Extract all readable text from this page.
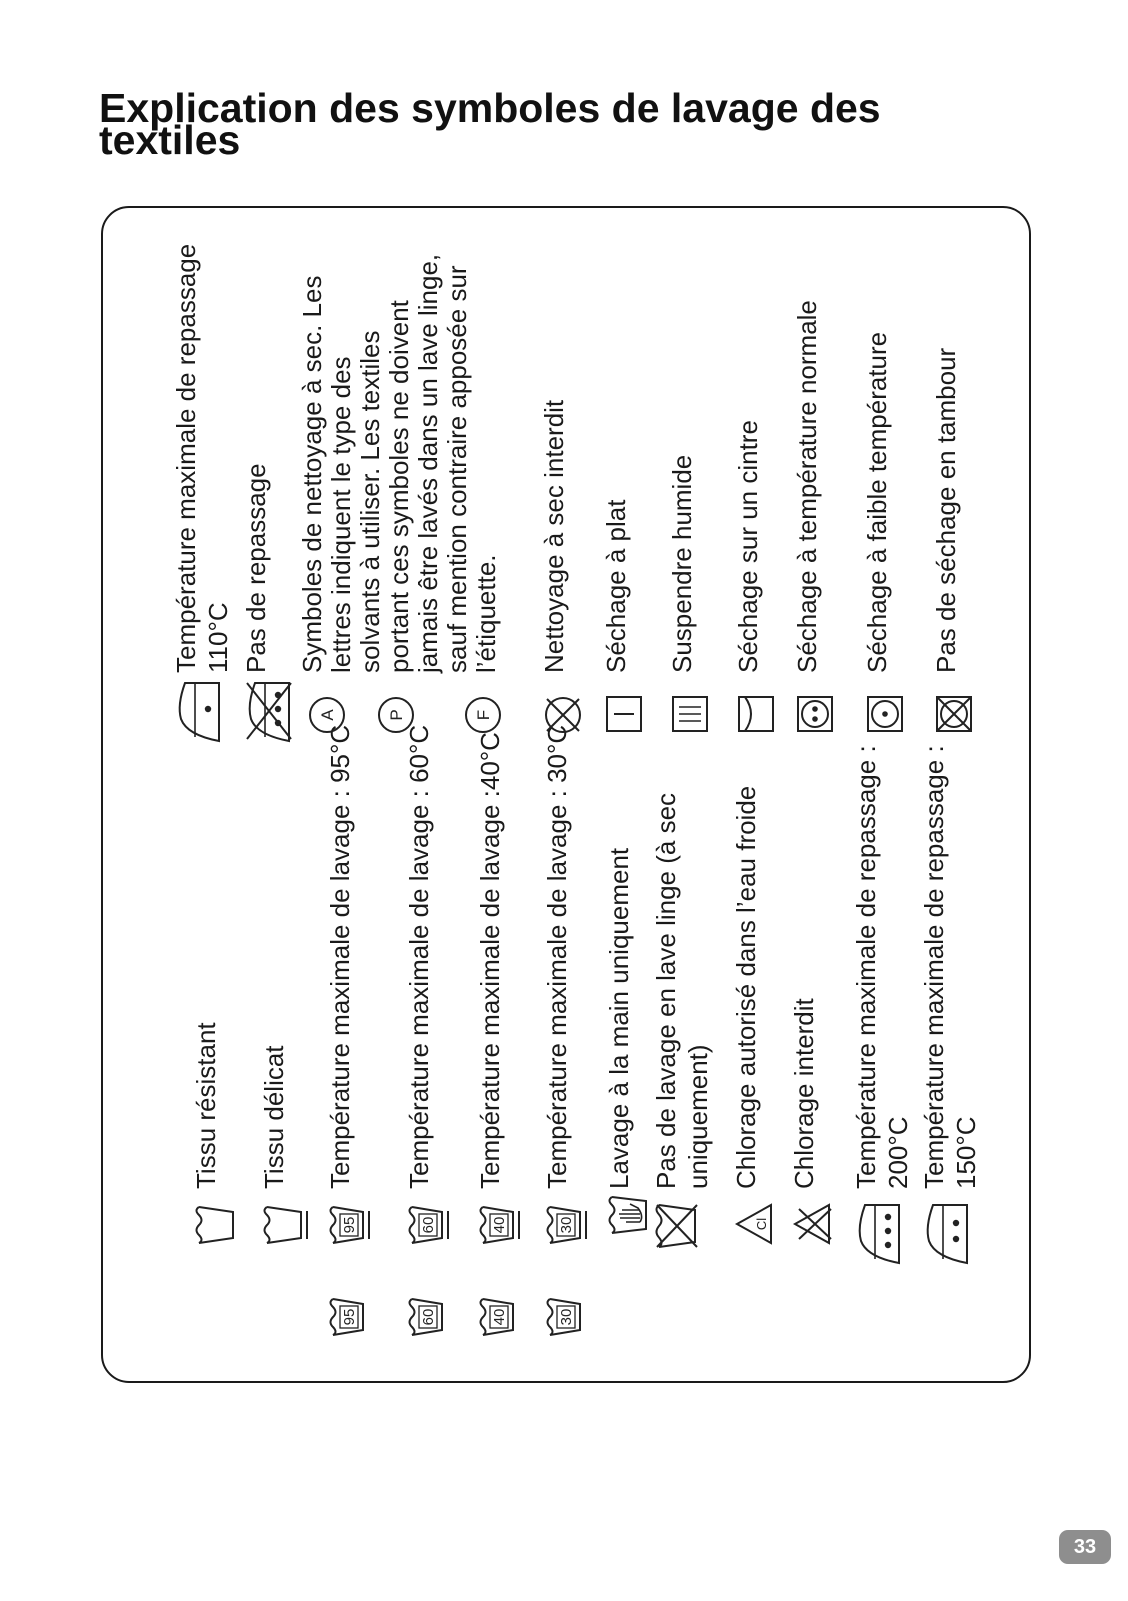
Explication des symboles de lavage des textiles
Tissu résistant Tissu délicat
95
95
Température maximale de lavage : 95°C
60
60
Température maximale de lavage : 60°C
40
40
Température maximale de lavage :40°C
30
30
Température maximale de lavage : 30°C Lavage à la main uniquement Pas de lavage en lave linge (à sec uniquement)
Cl
Chlorage autorisé dans l’eau froide Chlorage interdit Température maximale de repassage : 200°C Température maximale de repassage : 150°C
Température maximale de repassage 110°C Pas de repassage
A	P	F
Symboles de nettoyage à sec. Les lettres indiquent le type des solvants à utiliser. Les textiles portant ces symboles ne doivent jamais être lavés dans un lave linge, sauf mention contraire apposée sur l’étiquette. Nettoyage à sec interdit Séchage à plat Suspendre humide Séchage sur un cintre Séchage à température normale Séchage à faible température Pas de séchage en tambour
33
